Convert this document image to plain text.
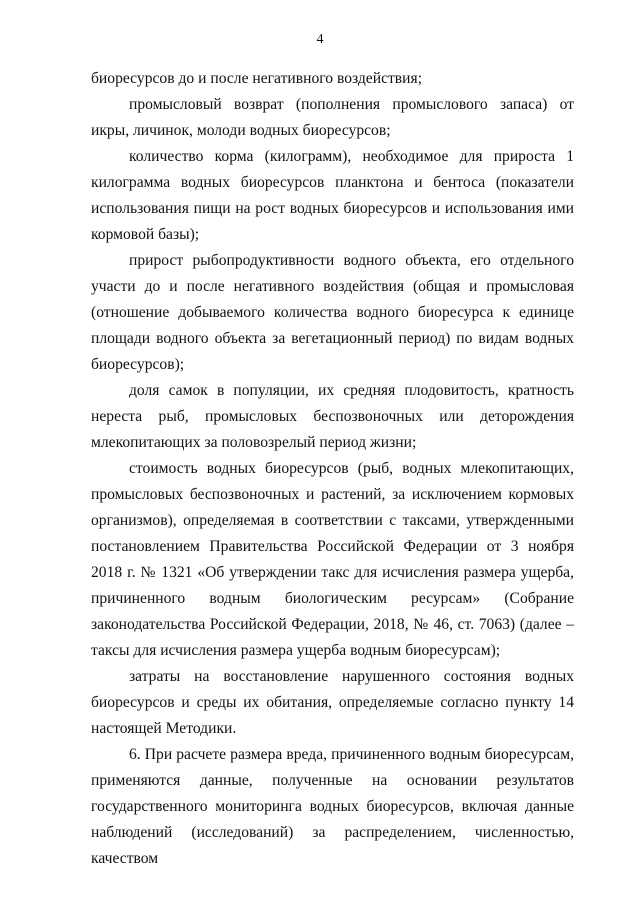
4

биоресурсов до и после негативного воздействия;

промысловый возврат (пополнения промыслового запаса) от икры, личинок, молоди водных биоресурсов;

количество корма (килограмм), необходимое для прироста 1 килограмма водных биоресурсов планктона и бентоса (показатели использования пищи на рост водных биоресурсов и использования ими кормовой базы);

прирост рыбопродуктивности водного объекта, его отдельного участи до и после негативного воздействия (общая и промысловая (отношение добываемого количества водного биоресурса к единице площади водного объекта за вегетационный период) по видам водных биоресурсов);

доля самок в популяции, их средняя плодовитость, кратность нереста рыб, промысловых беспозвоночных или деторождения млекопитающих за половозрелый период жизни;

стоимость водных биоресурсов (рыб, водных млекопитающих, промысловых беспозвоночных и растений, за исключением кормовых организмов), определяемая в соответствии с таксами, утвержденными постановлением Правительства Российской Федерации от 3 ноября 2018 г. № 1321 «Об утверждении такс для исчисления размера ущерба, причиненного водным биологическим ресурсам» (Собрание законодательства Российской Федерации, 2018, № 46, ст. 7063) (далее – таксы для исчисления размера ущерба водным биоресурсам);

затраты на восстановление нарушенного состояния водных биоресурсов и среды их обитания, определяемые согласно пункту 14 настоящей Методики.

6. При расчете размера вреда, причиненного водным биоресурсам, применяются данные, полученные на основании результатов государственного мониторинга водных биоресурсов, включая данные наблюдений (исследований) за распределением, численностью, качеством
